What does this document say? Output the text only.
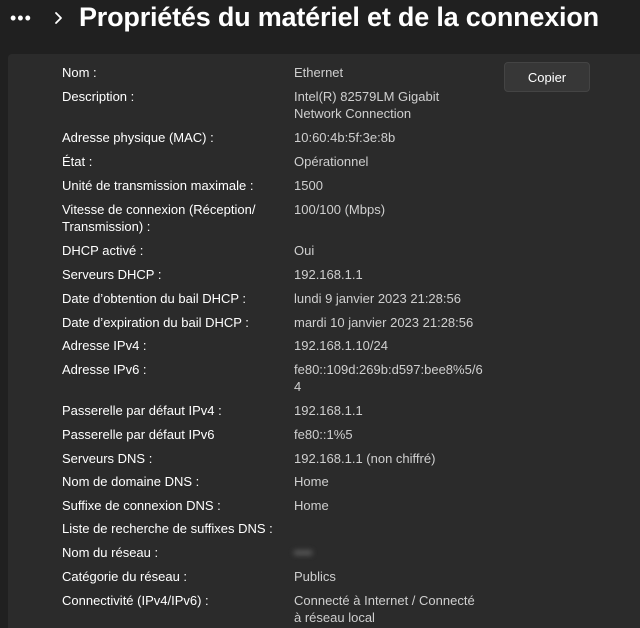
••• Propriétés du matériel et de la connexion
Copier
Nom :	Ethernet
Description :	Intel(R) 82579LM Gigabit Network Connection
Adresse physique (MAC) :	10:60:4b:5f:3e:8b
État :	Opérationnel
Unité de transmission maximale :	1500
Vitesse de connexion (Réception/ Transmission) :
100/100 (Mbps)
DHCP activé :	Oui
Serveurs DHCP :	192.168.1.1
Date d’obtention du bail DHCP :	lundi 9 janvier 2023 21:28:56
Date d’expiration du bail DHCP :	mardi 10 janvier 2023 21:28:56
Adresse IPv4 :	192.168.1.10/24
Adresse IPv6 :	fe80::109d:269b:d597:bee8%5/64
Passerelle par défaut IPv4 :	192.168.1.1
Passerelle par défaut IPv6	fe80::1%5
Serveurs DNS :	192.168.1.1 (non chiffré)
Nom de domaine DNS :	Home
Suffixe de connexion DNS :	Home
Liste de recherche de suffixes DNS :
Nom du réseau :	••••
Catégorie du réseau :	Publics
Connectivité (IPv4/IPv6) :	Connecté à Internet / Connecté à réseau local
